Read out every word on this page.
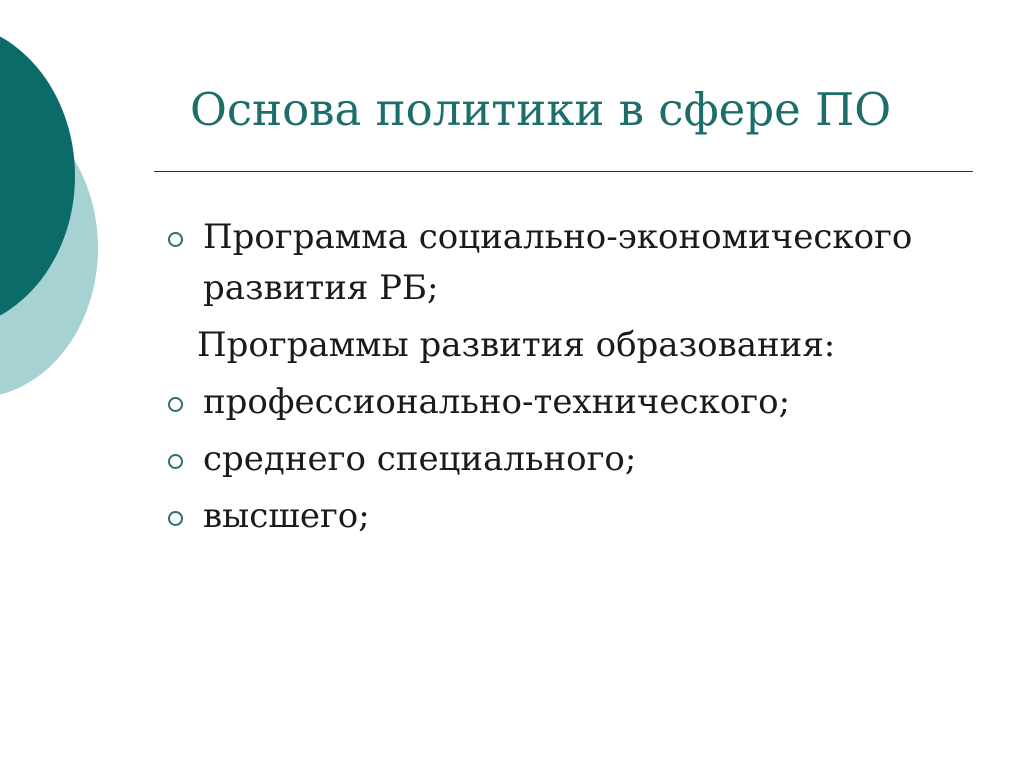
Основа политики в сфере ПО
Программа социально-экономического развития РБ;
Программы развития образования:
профессионально-технического;
среднего специального;
высшего;
